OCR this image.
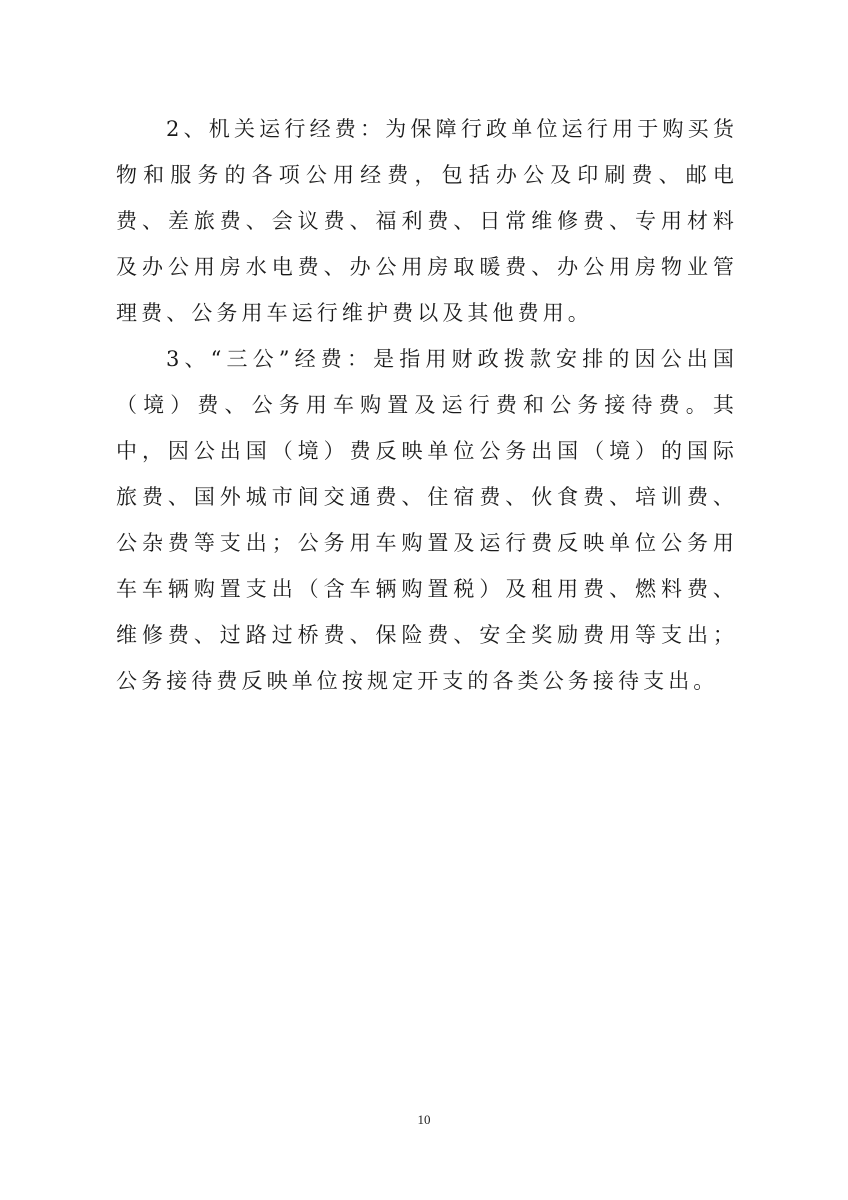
2、机关运行经费：为保障行政单位运行用于购买货物和服务的各项公用经费，包括办公及印刷费、邮电费、差旅费、会议费、福利费、日常维修费、专用材料及办公用房水电费、办公用房取暖费、办公用房物业管理费、公务用车运行维护费以及其他费用。

3、“三公”经费：是指用财政拨款安排的因公出国（境）费、公务用车购置及运行费和公务接待费。其中，因公出国（境）费反映单位公务出国（境）的国际旅费、国外城市间交通费、住宿费、伙食费、培训费、公杂费等支出；公务用车购置及运行费反映单位公务用车车辆购置支出（含车辆购置税）及租用费、燃料费、维修费、过路过桥费、保险费、安全奖励费用等支出；公务接待费反映单位按规定开支的各类公务接待支出。

10
